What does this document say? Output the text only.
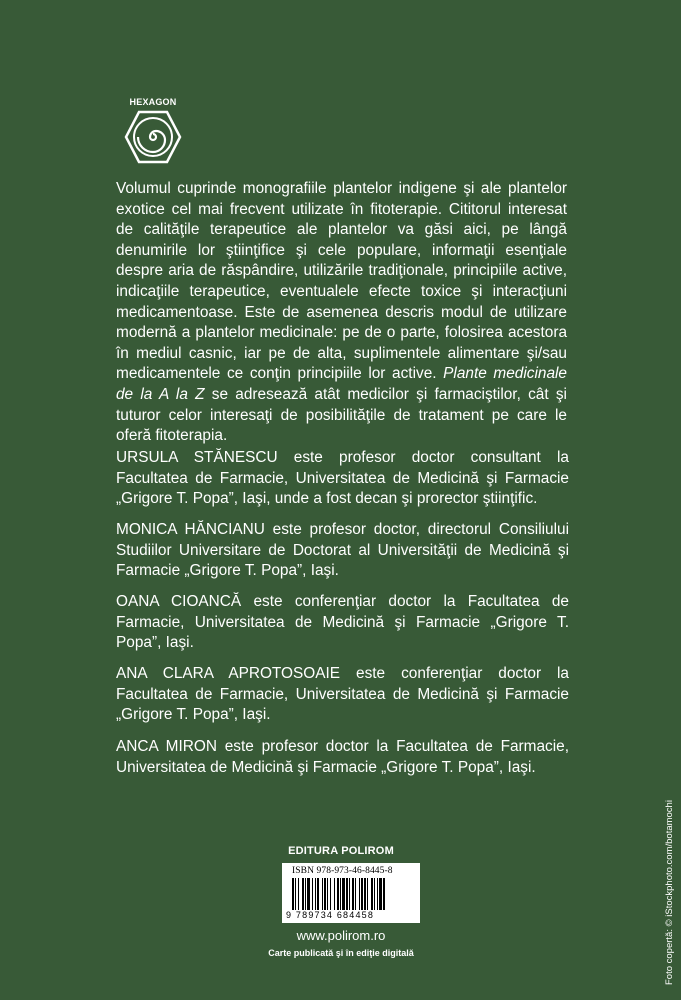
HEXAGON
Volumul cuprinde monografiile plantelor indigene şi ale plantelor exotice cel mai frecvent utilizate în fitoterapie. Cititorul interesat de calităţile terapeutice ale plantelor va găsi aici, pe lângă denumirile lor ştiinţifice şi cele populare, informaţii esenţiale despre aria de răspândire, utilizările tradiţionale, principiile active, indicaţiile terapeutice, eventualele efecte toxice şi interacţiuni medicamentoase. Este de asemenea descris modul de utilizare modernă a plantelor medicinale: pe de o parte, folosirea acestora în mediul casnic, iar pe de alta, suplimentele alimentare şi/sau medicamentele ce conţin principiile lor active. Plante medicinale de la A la Z se adresează atât medicilor şi farmaciştilor, cât şi tuturor celor interesaţi de posibilităţile de tratament pe care le oferă fitoterapia.
URSULA STĂNESCU este profesor doctor consultant la Facultatea de Farmacie, Universitatea de Medicină şi Farmacie „Grigore T. Popa”, Iaşi, unde a fost decan şi prorector ştiinţific.
MONICA HĂNCIANU este profesor doctor, directorul Consiliului Studiilor Universitare de Doctorat al Universităţii de Medicină şi Farmacie „Grigore T. Popa”, Iaşi.
OANA CIOANCĂ este conferenţiar doctor la Facultatea de Farmacie, Universitatea de Medicină şi Farmacie „Grigore T. Popa”, Iaşi.
ANA CLARA APROTOSOAIE este conferenţiar doctor la Facultatea de Farmacie, Universitatea de Medicină şi Farmacie „Grigore T. Popa”, Iaşi.
ANCA MIRON este profesor doctor la Facultatea de Farmacie, Universitatea de Medicină şi Farmacie „Grigore T. Popa”, Iaşi.
EDITURA POLIROM
ISBN 978-973-46-8445-8
9 789734 684458
www.polirom.ro
Carte publicată şi în ediţie digitală	Foto copertă: © iStockphoto.com/botamochi
